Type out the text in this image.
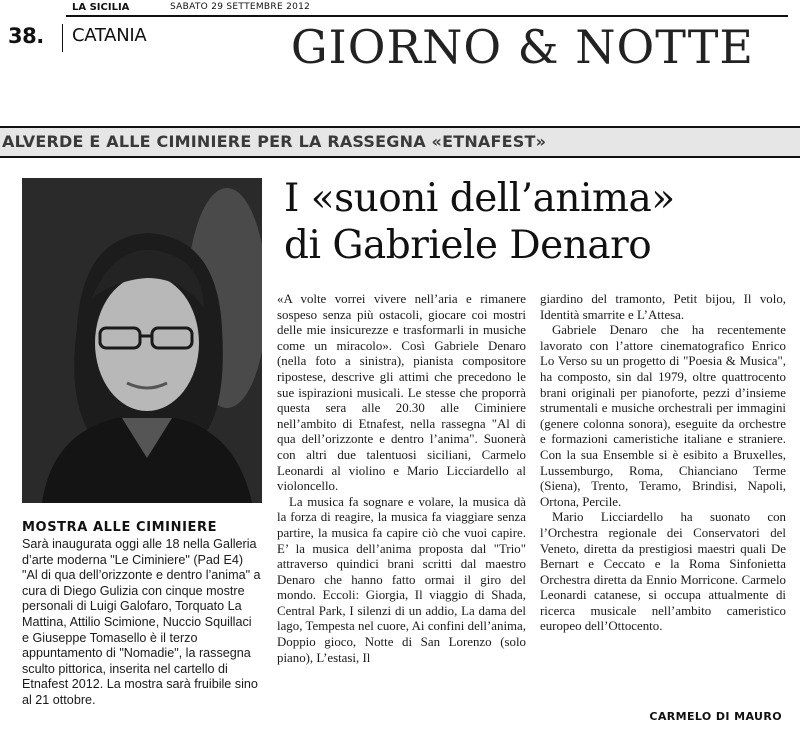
38.
LA SICILIA	SABATO 29 SETTEMBRE 2012
CATANIA	GIORNO & NOTTE
ALVERDE E ALLE CIMINIERE PER LA RASSEGNA «ETNAFEST»
I «suoni dell’anima»
di Gabriele Denaro
MOSTRA ALLE CIMINIERE
Sarà inaugurata oggi alle 18 nella Galleria d’arte moderna "Le Ciminiere" (Pad E4) "Al di qua dell’orizzonte e dentro l’anima" a cura di Diego Gulizia con cinque mostre personali di Luigi Galofaro, Torquato La Mattina, Attilio Scimione, Nuccio Squillaci e Giuseppe Tomasello è il terzo appuntamento di "Nomadie", la rassegna sculto pittorica, inserita nel cartello di Etnafest 2012. La mostra sarà fruibile sino al 21 ottobre.

«A volte vorrei vivere nell’aria e rimanere sospeso senza più ostacoli, giocare coi mostri delle mie insicurezze e trasformarli in musiche come un miracolo». Così Gabriele Denaro (nella foto a sinistra), pianista compositore ripostese, descrive gli attimi che precedono le sue ispirazioni musicali. Le stesse che proporrà questa sera alle 20.30 alle Ciminiere nell’ambito di Etnafest, nella rassegna "Al di qua dell’orizzonte e dentro l’anima". Suonerà con altri due talentuosi siciliani, Carmelo Leonardi al violino e Mario Licciardello al violoncello.

La musica fa sognare e volare, la musica dà la forza di reagire, la musica fa viaggiare senza partire, la musica fa capire ciò che vuoi capire. E’ la musica dell’anima proposta dal "Trio" attraverso quindici brani scritti dal maestro Denaro che hanno fatto ormai il giro del mondo. Eccoli: Giorgia, Il viaggio di Shada, Central Park, I silenzi di un addio, La dama del lago, Tempesta nel cuore, Ai confini dell’anima, Doppio gioco, Notte di San Lorenzo (solo piano), L’estasi, Il

giardino del tramonto, Petit bijou, Il volo, Identità smarrite e L’Attesa.

Gabriele Denaro che ha recentemente lavorato con l’attore cinematografico Enrico Lo Verso su un progetto di "Poesia & Musica", ha composto, sin dal 1979, oltre quattrocento brani originali per pianoforte, pezzi d’insieme strumentali e musiche orchestrali per immagini (genere colonna sonora), eseguite da orchestre e formazioni cameristiche italiane e straniere. Con la sua Ensemble si è esibito a Bruxelles, Lussemburgo, Roma, Chianciano Terme (Siena), Trento, Teramo, Brindisi, Napoli, Ortona, Percile.

Mario Licciardello ha suonato con l’Orchestra regionale dei Conservatori del Veneto, diretta da prestigiosi maestri quali De Bernart e Ceccato e la Roma Sinfonietta Orchestra diretta da Ennio Morricone. Carmelo Leonardi catanese, si occupa attualmente di ricerca musicale nell’ambito cameristico europeo dell’Ottocento.

CARMELO DI MAURO
